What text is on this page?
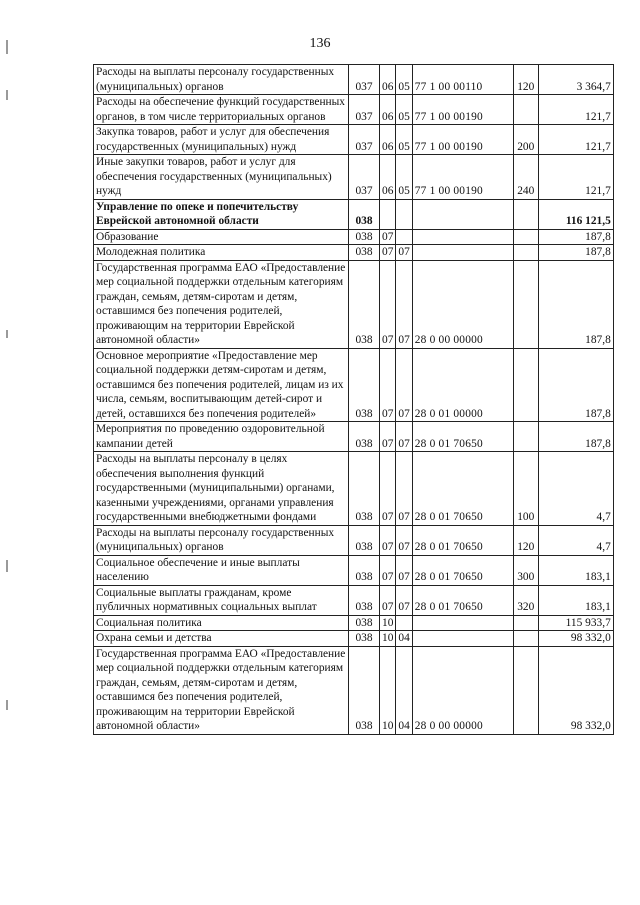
136
Расходы на выплаты персоналу государственных (муниципальных) органов	037	06	05	77 1 00 00110	120	3 364,7
Расходы на обеспечение функций государственных органов, в том числе территориальных органов	037	06	05	77 1 00 00190		121,7
Закупка товаров, работ и услуг для обеспечения государственных (муниципальных) нужд	037	06	05	77 1 00 00190	200	121,7
Иные закупки товаров, работ и услуг для обеспечения государственных (муниципальных) нужд	037	06	05	77 1 00 00190	240	121,7
Управление по опеке и попечительству Еврейской автономной области	038					116 121,5
Образование	038	07				187,8
Молодежная политика	038	07	07			187,8
Государственная программа ЕАО «Предоставление мер социальной поддержки отдельным категориям граждан, семьям, детям-сиротам и детям, оставшимся без попечения родителей, проживающим на территории Еврейской автономной области»	038	07	07	28 0 00 00000		187,8
Основное мероприятие «Предоставление мер социальной поддержки детям-сиротам и детям, оставшимся без попечения родителей, лицам из их числа, семьям, воспитывающим детей-сирот и детей, оставшихся без попечения родителей»	038	07	07	28 0 01 00000		187,8
Мероприятия по проведению оздоровительной кампании детей	038	07	07	28 0 01 70650		187,8
Расходы на выплаты персоналу в целях обеспечения выполнения функций государственными (муниципальными) органами, казенными учреждениями, органами управления государственными внебюджетными фондами	038	07	07	28 0 01 70650	100	4,7
Расходы на выплаты персоналу государственных (муниципальных) органов	038	07	07	28 0 01 70650	120	4,7
Социальное обеспечение и иные выплаты населению	038	07	07	28 0 01 70650	300	183,1
Социальные выплаты гражданам, кроме публичных нормативных социальных выплат	038	07	07	28 0 01 70650	320	183,1
Социальная политика	038	10				115 933,7
Охрана семьи и детства	038	10	04			98 332,0
Государственная программа ЕАО «Предоставление мер социальной поддержки отдельным категориям граждан, семьям, детям-сиротам и детям, оставшимся без попечения родителей, проживающим на территории Еврейской автономной области»	038	10	04	28 0 00 00000		98 332,0
